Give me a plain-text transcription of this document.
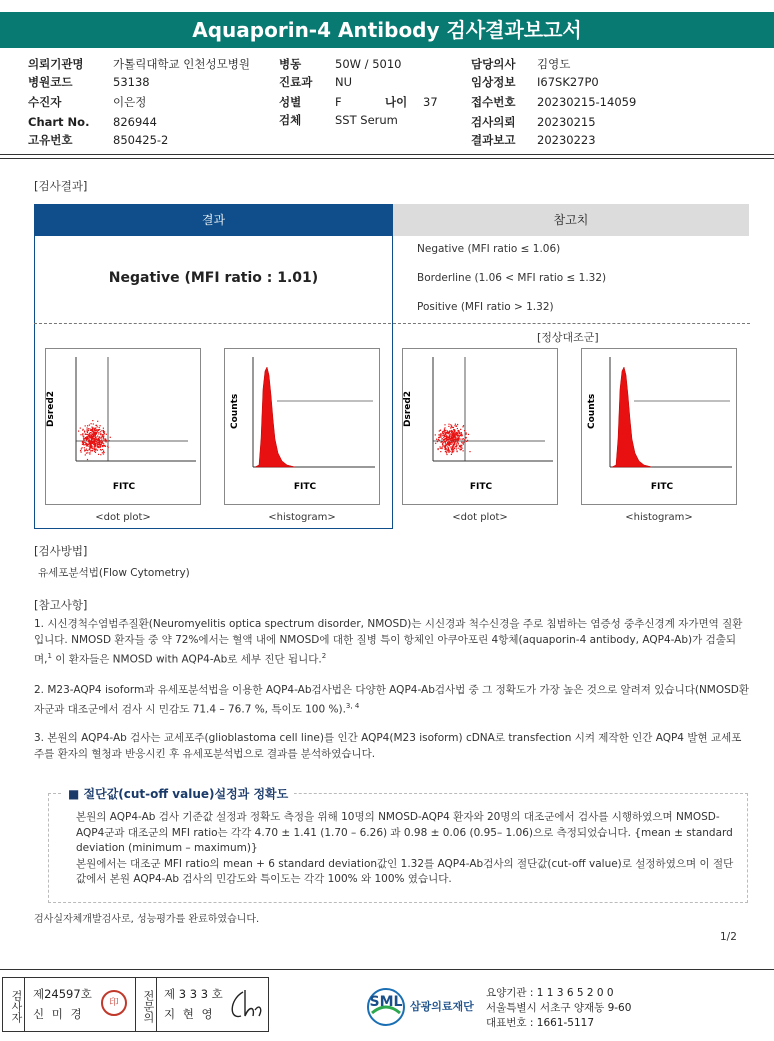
Aquaporin-4 Antibody 검사결과보고서
의뢰기관명	가톨릭대학교 인천성모병원
병원코드	53138
수진자	이은정
Chart No. 826944
고유번호	850425-2
병동	50W / 5010
진료과 NU
성별	F	나이 37
검체	SST Serum
담당의사 김영도
임상정보 I67SK27P0
접수번호 20230215-14059
검사의뢰 20230215
결과보고 20230223
[검사결과]
결과	참고치
Negative (MFI ratio : 1.01)
Negative (MFI ratio ≤ 1.06)
Borderline (1.06 < MFI ratio ≤ 1.32)
Positive (MFI ratio > 1.32)
[정상대조군]
Dsred2
FITC
Counts
FITC
Dsred2
FITC
Counts
FITC
<dot plot>	<histogram>	<dot plot>	<histogram>
[검사방법]
유세포분석법(Flow Cytometry)
[참고사항]
1. 시신경척수염범주질환(Neuromyelitis optica spectrum disorder, NMOSD)는 시신경과 척수신경을 주로 침범하는 염증성 중추신경계 자가면역 질환입니다. NMOSD 환자들 중 약 72%에서는 혈액 내에 NMOSD에 대한 질병 특이 항체인 아쿠아포린 4항체(aquaporin-4 antibody, AQP4-Ab)가 검출되며,$^1$ 이 환자들은 NMOSD with AQP4-Ab로 세부 진단 됩니다.$^2$
2. M23-AQP4 isoform과 유세포분석법을 이용한 AQP4-Ab검사법은 다양한 AQP4-Ab검사법 중 그 정확도가 가장 높은 것으로 알려져 있습니다(NMOSD환자군과 대조군에서 검사 시 민감도 71.4 – 76.7 %, 특이도 100 %).$^{3, 4}$
3. 본원의 AQP4-Ab 검사는 교세포주(glioblastoma cell line)를 인간 AQP4(M23 isoform) cDNA로 transfection 시켜 제작한 인간 AQP4 발현 교세포주를 환자의 혈청과 반응시킨 후 유세포분석법으로 결과를 분석하였습니다.
■ 절단값(cut-off value)설정과 정확도
본원의 AQP4-Ab 검사 기준값 설정과 정확도 측정을 위해 10명의 NMOSD-AQP4 환자와 20명의 대조군에서 검사를 시행하였으며 NMOSD-AQP4군과 대조군의 MFI ratio는 각각 4.70 ± 1.41 (1.70 – 6.26) 과 0.98 ± 0.06 (0.95– 1.06)으로 측정되었습니다. {mean ± standard deviation (minimum – maximum)}
본원에서는 대조군 MFI ratio의 mean + 6 standard deviation값인 1.32를 AQP4-Ab검사의 절단값(cut-off value)로 설정하였으며 이 절단값에서 본원 AQP4-Ab 검사의 민감도와 특이도는 각각 100% 와 100% 였습니다.
검사실자체개발검사로, 성능평가를 완료하였습니다.
1/2
검사자 제24597호
신 미 경
印	전문의 제 3 3 3 호
지 현 영
SML 삼광의료재단
요양기관 : 1 1 3 6 5 2 0 0
서울특별시 서초구 양재동 9-60
대표번호 : 1661-5117
